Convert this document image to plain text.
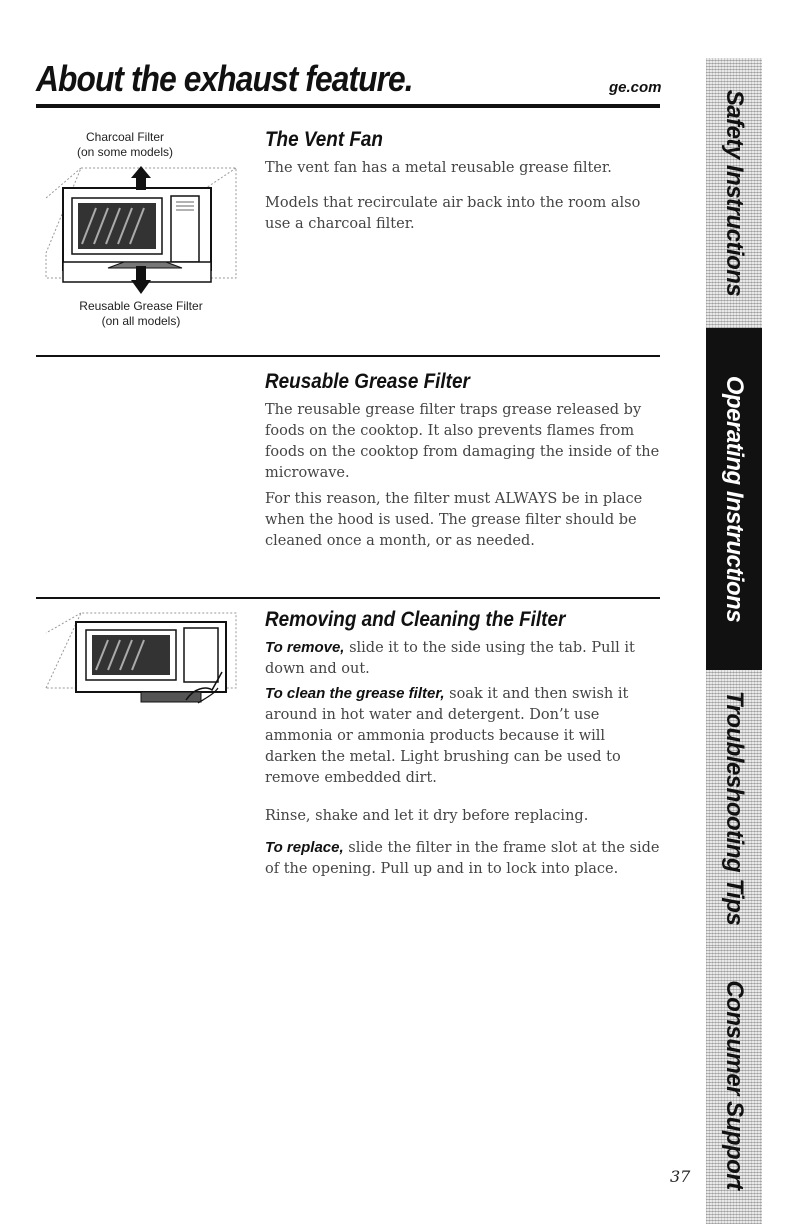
About the exhaust feature.	ge.com
Charcoal Filter
(on some models)
Reusable Grease Filter
(on all models)
The Vent Fan
The vent fan has a metal reusable grease filter.
Models that recirculate air back into the room also use a charcoal filter.
Reusable Grease Filter
The reusable grease filter traps grease released by foods on the cooktop. It also prevents flames from foods on the cooktop from damaging the inside of the microwave.
For this reason, the filter must ALWAYS be in place when the hood is used. The grease filter should be cleaned once a month, or as needed.
Removing and Cleaning the Filter
To remove, slide it to the side using the tab. Pull it down and out.
To clean the grease filter, soak it and then swish it around in hot water and detergent. Don’t use ammonia or ammonia products because it will darken the metal. Light brushing can be used to remove embedded dirt.
Rinse, shake and let it dry before replacing.
To replace, slide the filter in the frame slot at the side of the opening. Pull up and in to lock into place.
Safety Instructions
Operating Instructions
Troubleshooting Tips
Consumer Support
37
